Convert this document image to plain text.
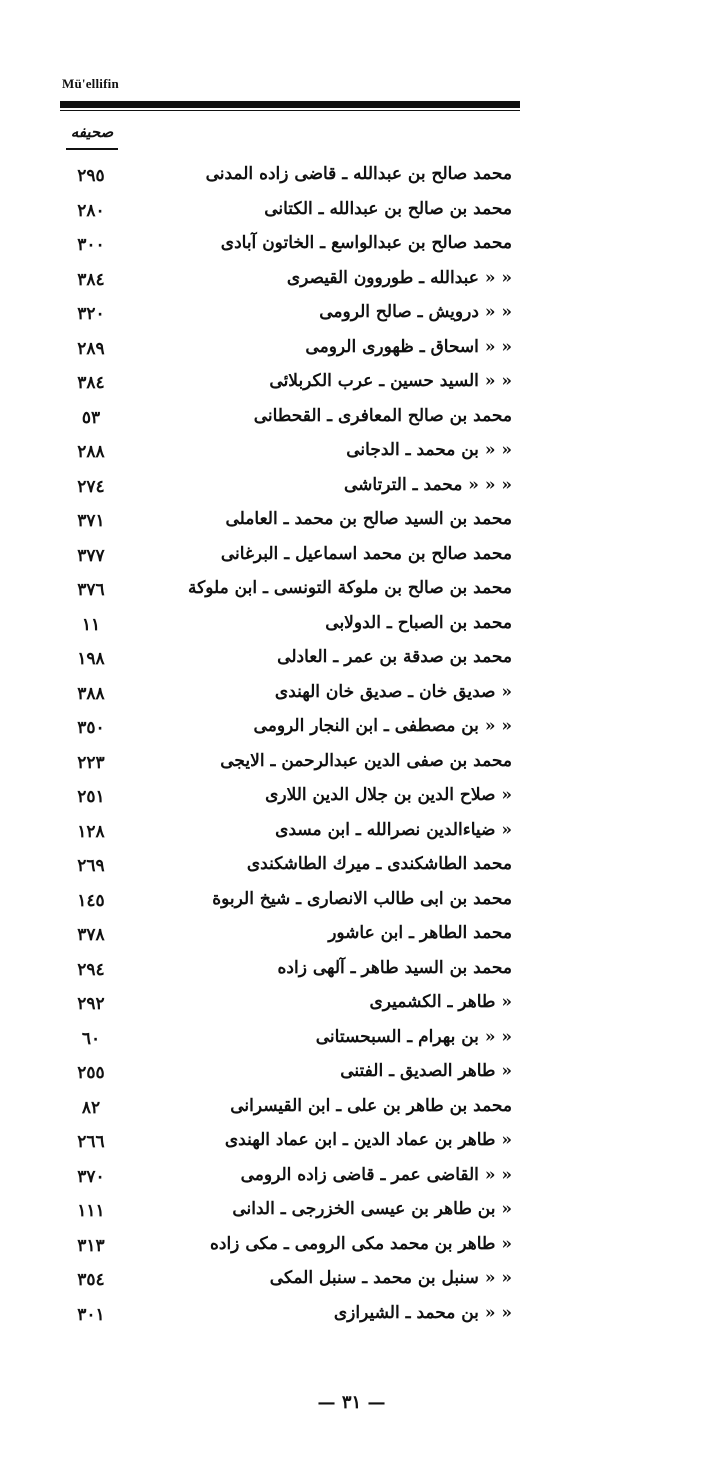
Mü'ellifin
صحيفه
٢٩٥	محمد صالح بن عبدالله ـ قاضى زاده المدنى
٢٨٠	محمد بن صالح بن عبدالله ـ الكتانى
٣٠٠	محمد صالح بن عبدالواسع ـ الخاتون آبادى
٣٨٤	« « عبدالله ـ طوروون القيصرى
٣٢٠	« « درويش ـ صالح الرومى
٢٨٩	« « اسحاق ـ ظهورى الرومى
٣٨٤	« « السيد حسين ـ عرب الكربلائى
٥٣	محمد بن صالح المعافرى ـ القحطانى
٢٨٨	« « بن محمد ـ الدجانى
٢٧٤	« « « محمد ـ الترتاشى
٣٧١	محمد بن السيد صالح بن محمد ـ العاملى
٣٧٧	محمد صالح بن محمد اسماعيل ـ البرغانى
٣٧٦	محمد بن صالح بن ملوكة التونسى ـ ابن ملوكة
١١	محمد بن الصباح ـ الدولابى
١٩٨	محمد بن صدقة بن عمر ـ العادلى
٣٨٨	« صديق خان ـ صديق خان الهندى
٣٥٠	« « بن مصطفى ـ ابن النجار الرومى
٢٢٣	محمد بن صفى الدين عبدالرحمن ـ الايجى
٢٥١	« صلاح الدين بن جلال الدين اللارى
١٢٨	« ضياءالدين نصرالله ـ ابن مسدى
٢٦٩	محمد الطاشكندى ـ ميرك الطاشكندى
١٤٥	محمد بن ابى طالب الانصارى ـ شيخ الربوة
٣٧٨	محمد الطاهر ـ ابن عاشور
٢٩٤	محمد بن السيد طاهر ـ آلهى زاده
٢٩٢	« طاهر ـ الكشميرى
٦٠	« « بن بهرام ـ السبحستانى
٢٥٥	« طاهر الصديق ـ الفتنى
٨٢	محمد بن طاهر بن على ـ ابن القيسرانى
٢٦٦	« طاهر بن عماد الدين ـ ابن عماد الهندى
٣٧٠	« « القاضى عمر ـ قاضى زاده الرومى
١١١	« بن طاهر بن عيسى الخزرجى ـ الدانى
٣١٣	« طاهر بن محمد مكى الرومى ـ مكى زاده
٣٥٤	« « سنبل بن محمد ـ سنبل المكى
٣٠١	« « بن محمد ـ الشيرازى
— ٣١ —
